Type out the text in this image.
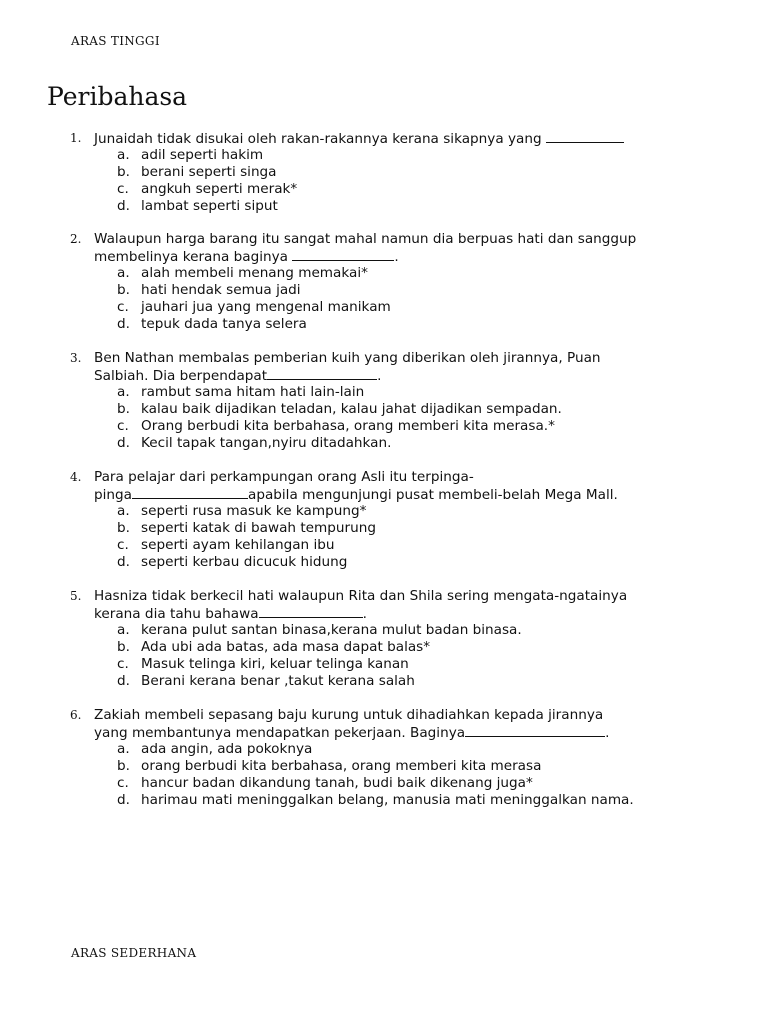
ARAS TINGGI
Peribahasa
1. Junaidah tidak disukai oleh rakan-rakannya kerana sikapnya yang

a. adil seperti hakim
b. berani seperti singa
c. angkuh seperti merak*
d. lambat seperti siput
2. Walaupun harga barang itu sangat mahal namun dia berpuas hati dan sanggup
membelinya kerana baginya	.

a. alah membeli menang memakai*
b. hati hendak semua jadi
c. jauhari jua yang mengenal manikam
d. tepuk dada tanya selera
3. Ben Nathan membalas pemberian kuih yang diberikan oleh jirannya, Puan
Salbiah. Dia berpendapat	.

a. rambut sama hitam hati lain-lain
b. kalau baik dijadikan teladan, kalau jahat dijadikan sempadan.
c. Orang berbudi kita berbahasa, orang memberi kita merasa.*
d. Kecil tapak tangan,nyiru ditadahkan.
4. Para pelajar dari perkampungan orang Asli itu terpinga-
pinga	apabila mengunjungi pusat membeli-belah Mega Mall.

a. seperti rusa masuk ke kampung*
b. seperti katak di bawah tempurung
c. seperti ayam kehilangan ibu
d. seperti kerbau dicucuk hidung
5. Hasniza tidak berkecil hati walaupun Rita dan Shila sering mengata-ngatainya
kerana dia tahu bahawa	.

a. kerana pulut santan binasa,kerana mulut badan binasa.
b. Ada ubi ada batas, ada masa dapat balas*
c. Masuk telinga kiri, keluar telinga kanan
d. Berani kerana benar ,takut kerana salah
6. Zakiah membeli sepasang baju kurung untuk dihadiahkan kepada jirannya
yang membantunya mendapatkan pekerjaan. Baginya	.

a. ada angin, ada pokoknya
b. orang berbudi kita berbahasa, orang memberi kita merasa
c. hancur badan dikandung tanah, budi baik dikenang juga*
d. harimau mati meninggalkan belang, manusia mati meninggalkan nama.
ARAS SEDERHANA
